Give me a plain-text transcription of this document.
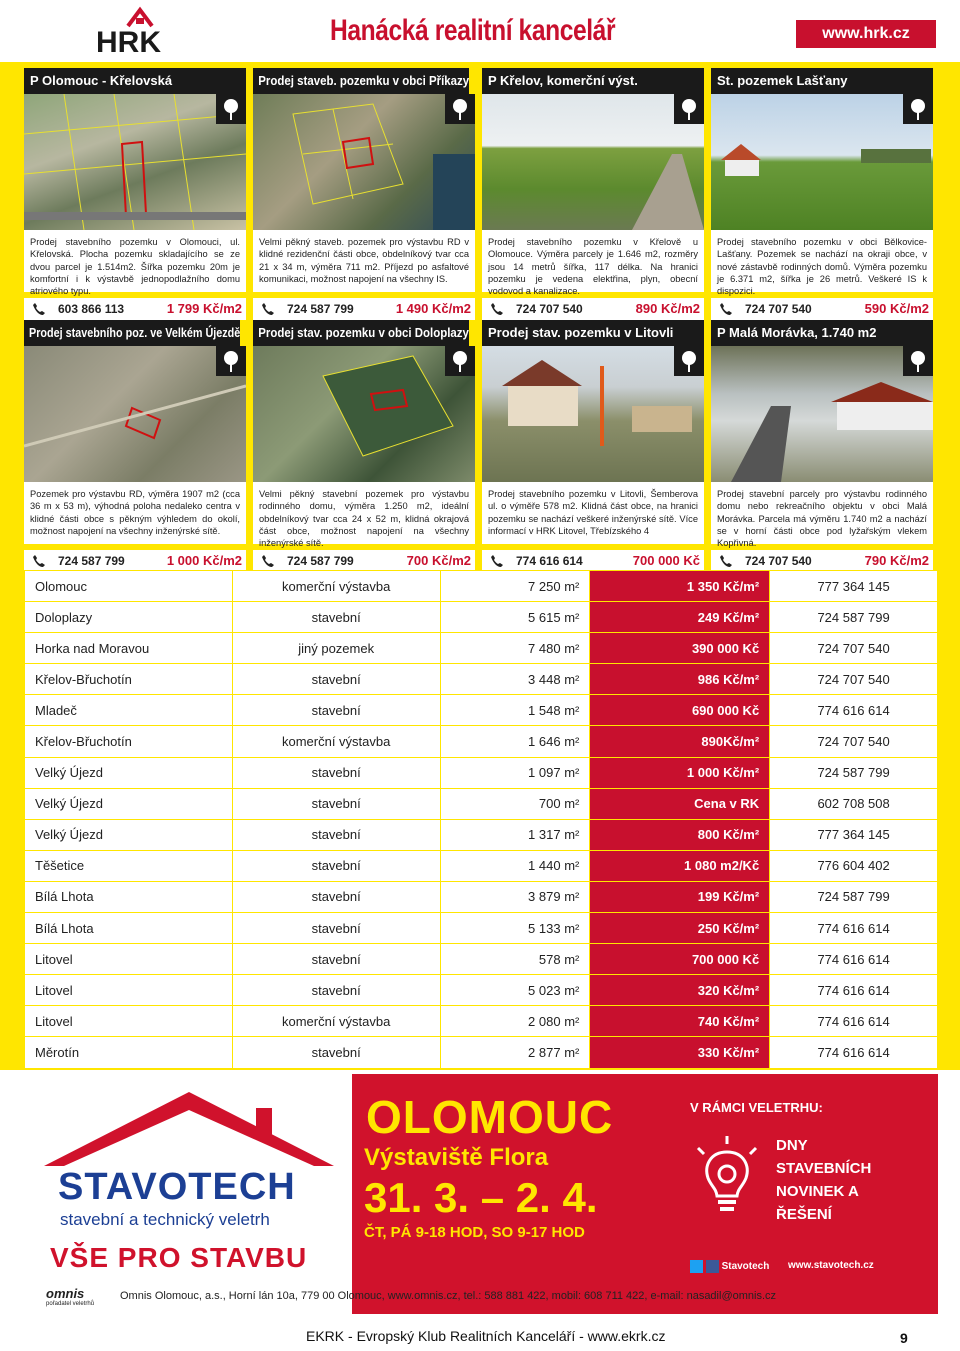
HRK	Hanácká realitní kancelář	www.hrk.cz
P Olomouc - Křelovská
Prodej stavebního pozemku v Olomouci, ul. Křelovská. Plocha pozemku skladajícího se ze dvou parcel je 1.514m2. Šířka pozemku 20m je komfortní i k výstavbě jednopodlažního domu atriového typu.
603 866 113	1 799 Kč/m2
Prodej staveb. pozemku v obci Příkazy
Velmi pěkný staveb. pozemek pro výstavbu RD v klidné rezidenční části obce, obdelníkový tvar cca 21 x 34 m, výměra 711 m2. Příjezd po asfaltové komunikaci, možnost napojení na všechny IS.
724 587 799	1 490 Kč/m2
P Křelov, komerční výst.
Prodej stavebního pozemku v Křelově u Olomouce. Výměra parcely je 1.646 m2, rozměry jsou 14 metrů šířka, 117 délka. Na hranici pozemku je vedena elektřina, plyn, obecní vodovod a kanalizace.
724 707 540	890 Kč/m2
St. pozemek Lašťany
Prodej stavebního pozemku v obci Bělkovice-Lašťany. Pozemek se nachází na okraji obce, v nové zástavbě rodinných domů. Výměra pozemku je 6.371 m2, šířka je 26 metrů. Veškeré IS k dispozici.
724 707 540	590 Kč/m2
Prodej stavebního poz. ve Velkém Újezdě
Pozemek pro výstavbu RD, výměra 1907 m2 (cca 36 m x 53 m), výhodná poloha nedaleko centra v klidné části obce s pěkným výhledem do okolí, možnost napojení na všechny inženýrské sítě.
724 587 799	1 000 Kč/m2
Prodej stav. pozemku v obci Doloplazy
Velmi pěkný stavební pozemek pro výstavbu rodinného domu, výměra 1.250 m2, ideální obdelníkový tvar cca 24 x 52 m, klidná okrajová část obce, možnost napojení na všechny inženýrské sítě.
724 587 799	700 Kč/m2
Prodej stav. pozemku v Litovli
Prodej stavebního pozemku v Litovli, Šemberova ul. o výměře 578 m2. Klidná část obce, na hranici pozemku se nachází veškeré inženýrské sítě. Více informací v HRK Litovel, Třebízského 4
774 616 614	700 000 Kč
P Malá Morávka, 1.740 m2
Prodej stavební parcely pro výstavbu rodinného domu nebo rekreačního objektu v obci Malá Morávka. Parcela má výměru 1.740 m2 a nachází se v horní části obce pod lyžařským vlekem Kopřivná.
724 707 540	790 Kč/m2
Olomouc	komerční výstavba	7 250 m²	1 350 Kč/m²	777 364 145
Doloplazy	stavební	5 615 m²	249 Kč/m²	724 587 799
Horka nad Moravou	jiný pozemek	7 480 m²	390 000 Kč	724 707 540
Křelov-Břuchotín	stavební	3 448 m²	986 Kč/m²	724 707 540
Mladeč	stavební	1 548 m²	690 000 Kč	774 616 614
Křelov-Břuchotín	komerční výstavba	1 646 m²	890Kč/m²	724 707 540
Velký Újezd	stavební	1 097 m²	1 000 Kč/m²	724 587 799
Velký Újezd	stavební	700 m²	Cena v RK	602 708 508
Velký Újezd	stavební	1 317 m²	800 Kč/m²	777 364 145
Těšetice	stavební	1 440 m²	1 080 m2/Kč	776 604 402
Bílá Lhota	stavební	3 879 m²	199 Kč/m²	724 587 799
Bílá Lhota	stavební	5 133 m²	250 Kč/m²	774 616 614
Litovel	stavební	578 m²	700 000 Kč	774 616 614
Litovel	stavební	5 023 m²	320 Kč/m²	774 616 614
Litovel	komerční výstavba	2 080 m²	740 Kč/m²	774 616 614
Měrotín	stavební	2 877 m²	330 Kč/m²	774 616 614
STAVOTECH
stavební a technický veletrh
VŠE PRO STAVBU
omnis
pořadatel veletrhů
OLOMOUC
Výstaviště Flora
31. 3. – 2. 4.
ČT, PÁ 9-18 HOD, SO 9-17 HOD
V RÁMCI VELETRHU:
DNY STAVEBNÍCH NOVINEK A ŘEŠENÍ
Stavotech www.stavotech.cz
Omnis Olomouc, a.s., Horní lán 10a, 779 00 Olomouc, www.omnis.cz, tel.: 588 881 422, mobil: 608 711 422, e-mail: nasadil@omnis.cz
EKRK - Evropský Klub Realitních Kanceláří - www.ekrk.cz	9
